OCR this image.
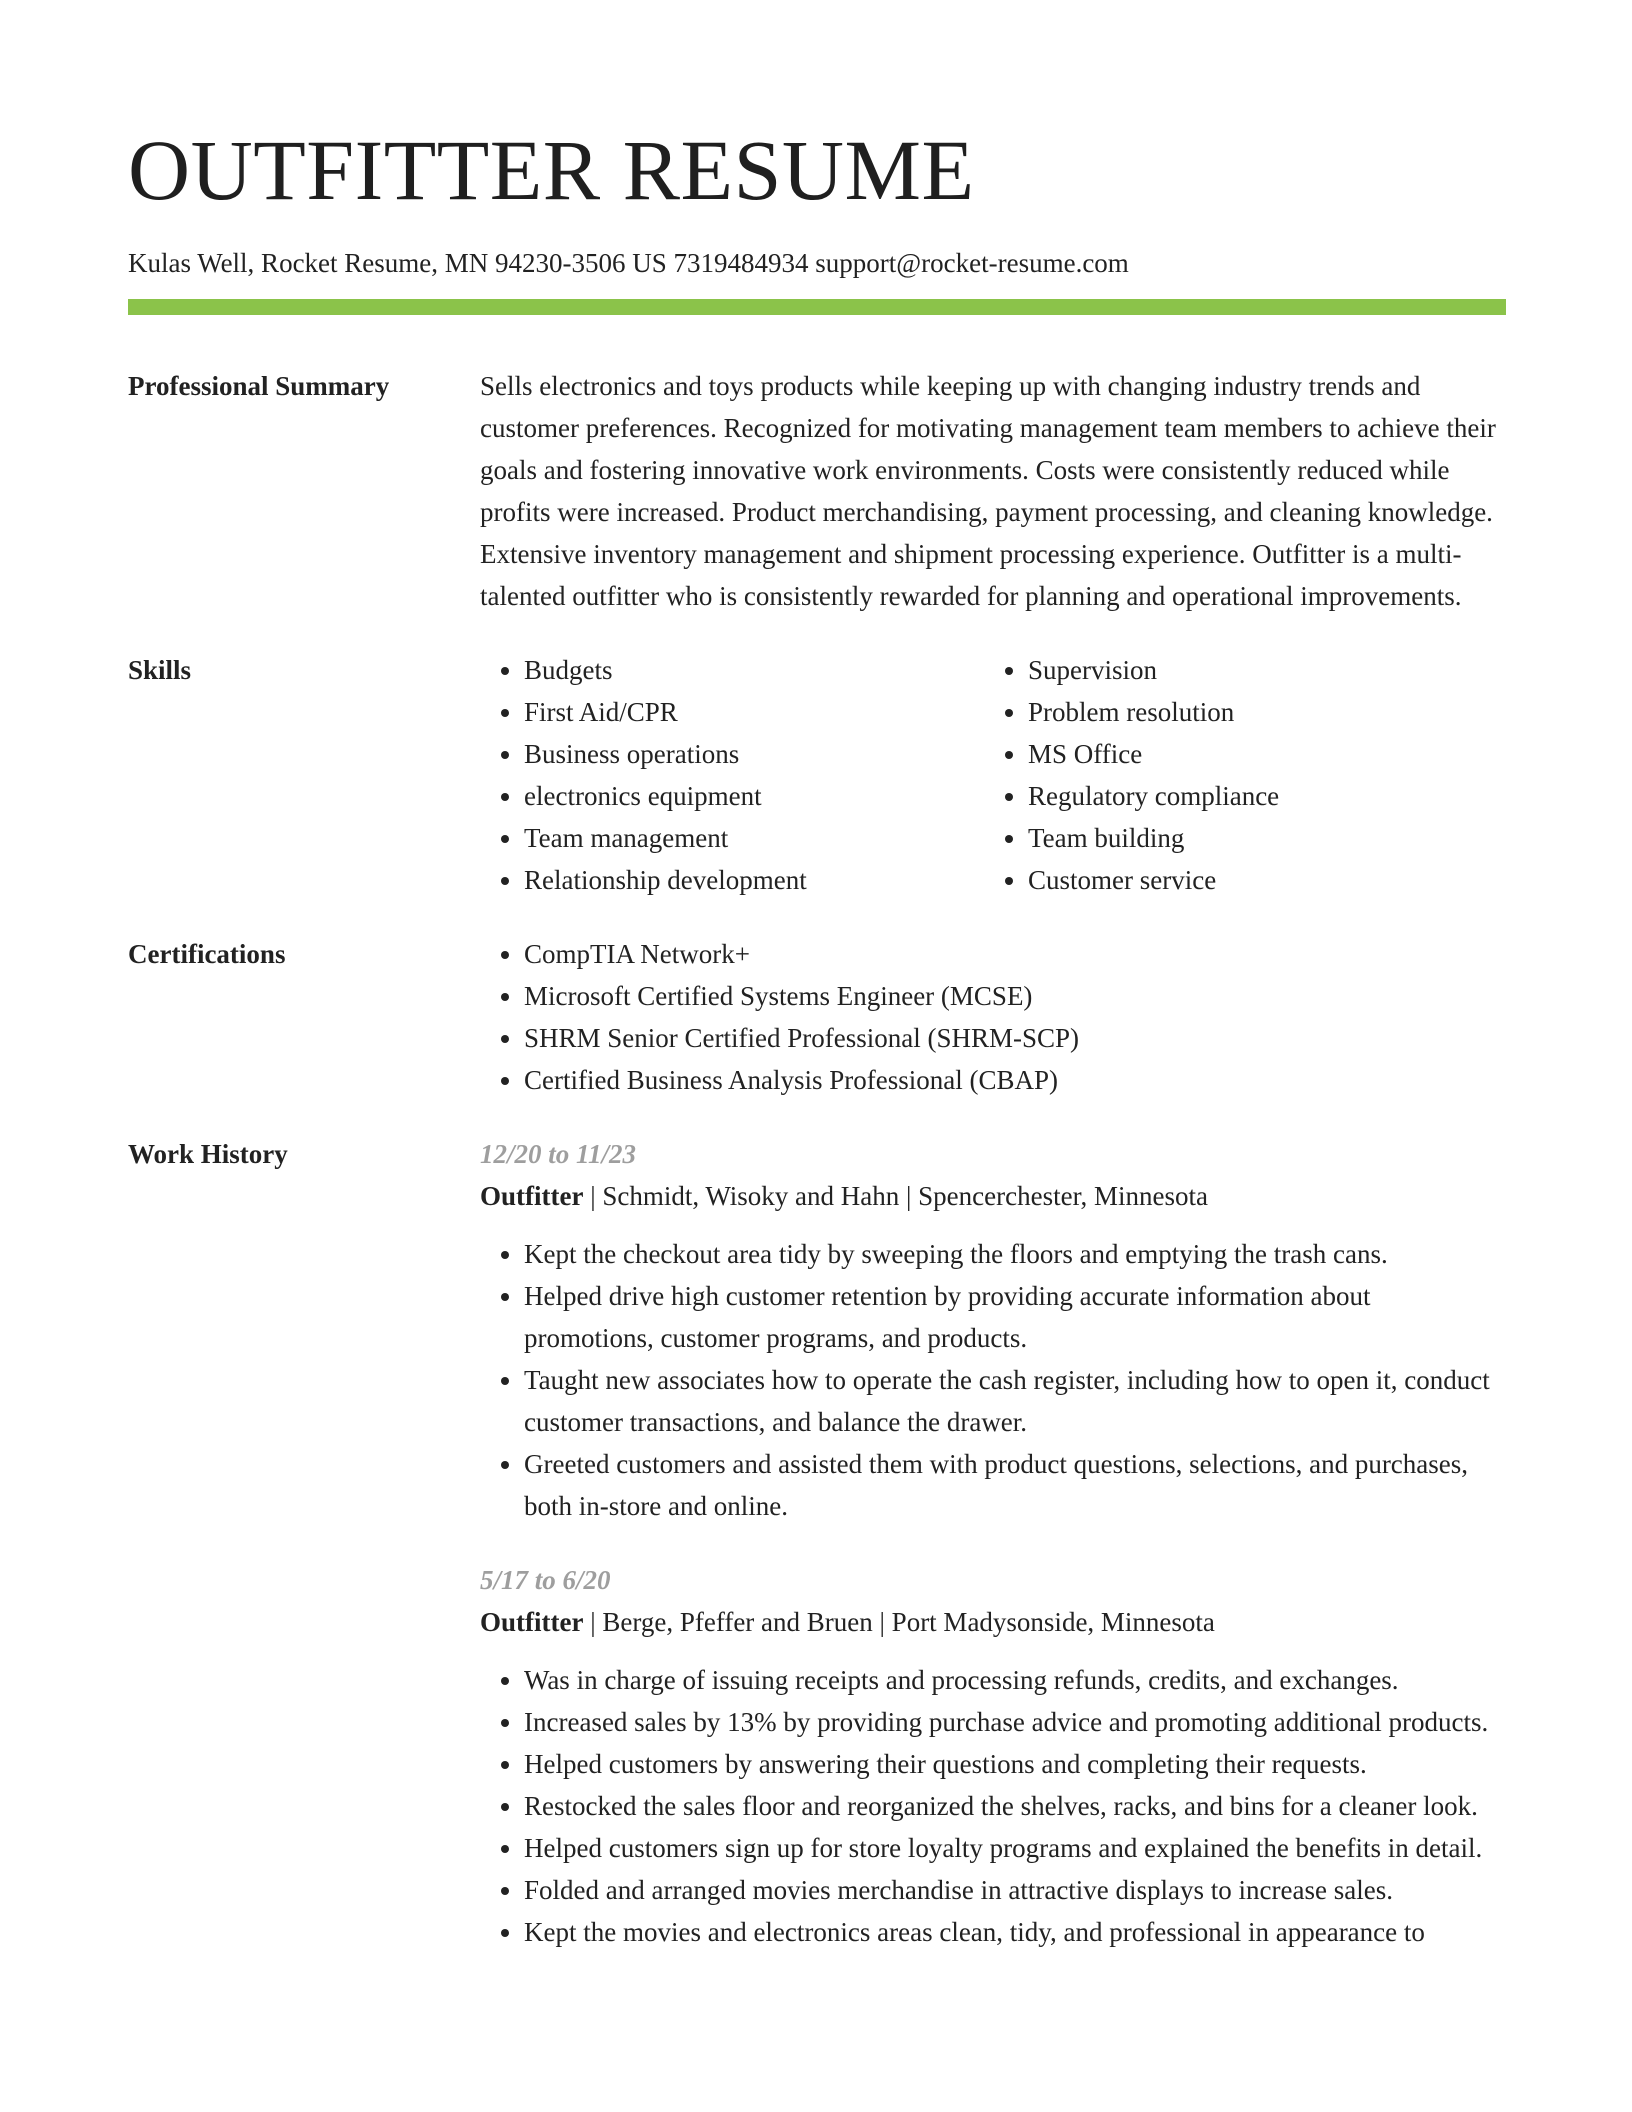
OUTFITTER RESUME
Kulas Well, Rocket Resume, MN 94230-3506 US 7319484934 support@rocket-resume.com
Professional Summary	Sells electronics and toys products while keeping up with changing industry trends and customer preferences. Recognized for motivating management team members to achieve their goals and fostering innovative work environments. Costs were consistently reduced while profits were increased. Product merchandising, payment processing, and cleaning knowledge. Extensive inventory management and shipment processing experience. Outfitter is a multi-talented outfitter who is consistently rewarded for planning and operational improvements.

Skills	• Budgets
• First Aid/CPR
• Business operations
• electronics equipment
• Team management
• Relationship development
• Supervision
• Problem resolution
• MS Office
• Regulatory compliance
• Team building
• Customer service
Certifications	• CompTIA Network+
• Microsoft Certified Systems Engineer (MCSE)
• SHRM Senior Certified Professional (SHRM-SCP)
• Certified Business Analysis Professional (CBAP)
Work History	12/20 to 11/23
Outfitter | Schmidt, Wisoky and Hahn | Spencerchester, Minnesota
• Kept the checkout area tidy by sweeping the floors and emptying the trash cans.
• Helped drive high customer retention by providing accurate information about promotions, customer programs, and products.
• Taught new associates how to operate the cash register, including how to open it, conduct customer transactions, and balance the drawer.
• Greeted customers and assisted them with product questions, selections, and purchases, both in-store and online.
5/17 to 6/20
Outfitter | Berge, Pfeffer and Bruen | Port Madysonside, Minnesota
• Was in charge of issuing receipts and processing refunds, credits, and exchanges.
• Increased sales by 13% by providing purchase advice and promoting additional products.
• Helped customers by answering their questions and completing their requests.
• Restocked the sales floor and reorganized the shelves, racks, and bins for a cleaner look.
• Helped customers sign up for store loyalty programs and explained the benefits in detail.
• Folded and arranged movies merchandise in attractive displays to increase sales.
• Kept the movies and electronics areas clean, tidy, and professional in appearance to
